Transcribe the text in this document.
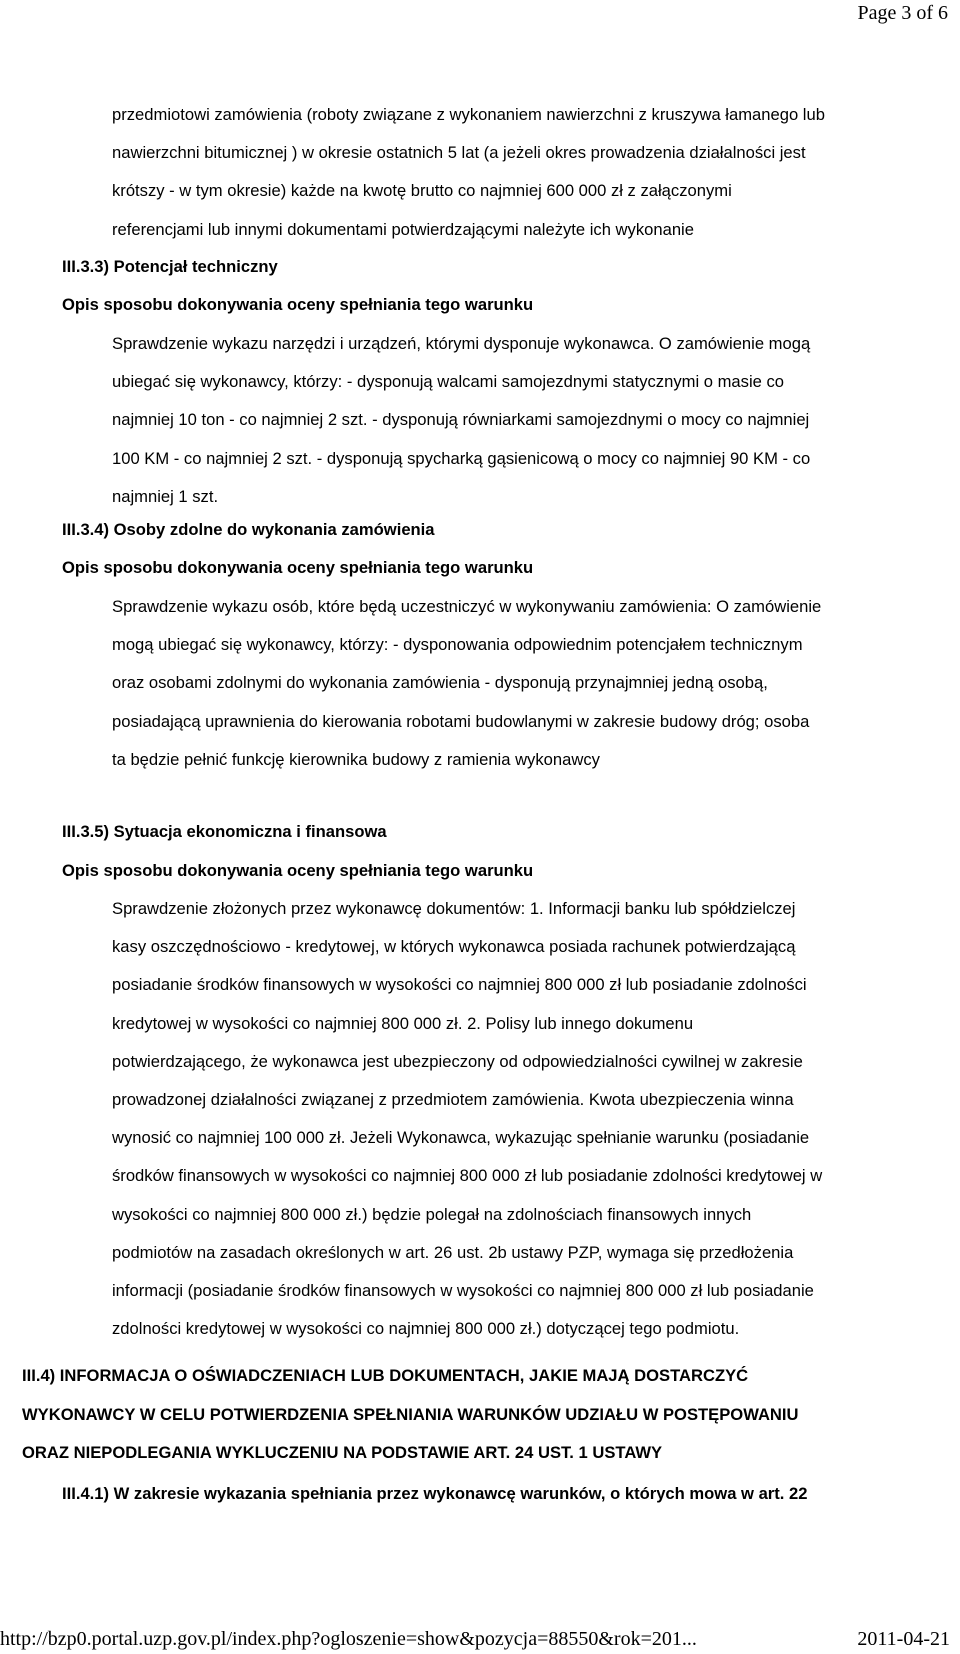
Page 3 of 6
przedmiotowi zamówienia (roboty związane z wykonaniem nawierzchni z kruszywa łamanego lub
nawierzchni bitumicznej ) w okresie ostatnich 5 lat (a jeżeli okres prowadzenia działalności jest
krótszy - w tym okresie) każde na kwotę brutto co najmniej 600 000 zł z załączonymi
referencjami lub innymi dokumentami potwierdzającymi należyte ich wykonanie
III.3.3) Potencjał techniczny
Opis sposobu dokonywania oceny spełniania tego warunku
Sprawdzenie wykazu narzędzi i urządzeń, którymi dysponuje wykonawca. O zamówienie mogą
ubiegać się wykonawcy, którzy: - dysponują walcami samojezdnymi statycznymi o masie co
najmniej 10 ton - co najmniej 2 szt. - dysponują równiarkami samojezdnymi o mocy co najmniej
100 KM - co najmniej 2 szt. - dysponują spycharką gąsienicową o mocy co najmniej 90 KM - co
najmniej 1 szt.
III.3.4) Osoby zdolne do wykonania zamówienia
Opis sposobu dokonywania oceny spełniania tego warunku
Sprawdzenie wykazu osób, które będą uczestniczyć w wykonywaniu zamówienia: O zamówienie
mogą ubiegać się wykonawcy, którzy: - dysponowania odpowiednim potencjałem technicznym
oraz osobami zdolnymi do wykonania zamówienia - dysponują przynajmniej jedną osobą,
posiadającą uprawnienia do kierowania robotami budowlanymi w zakresie budowy dróg; osoba
ta będzie pełnić funkcję kierownika budowy z ramienia wykonawcy
III.3.5) Sytuacja ekonomiczna i finansowa
Opis sposobu dokonywania oceny spełniania tego warunku
Sprawdzenie złożonych przez wykonawcę dokumentów: 1. Informacji banku lub spółdzielczej
kasy oszczędnościowo - kredytowej, w których wykonawca posiada rachunek potwierdzającą
posiadanie środków finansowych w wysokości co najmniej 800 000 zł lub posiadanie zdolności
kredytowej w wysokości co najmniej 800 000 zł. 2. Polisy lub innego dokumenu
potwierdzającego, że wykonawca jest ubezpieczony od odpowiedzialności cywilnej w zakresie
prowadzonej działalności związanej z przedmiotem zamówienia. Kwota ubezpieczenia winna
wynosić co najmniej 100 000 zł. Jeżeli Wykonawca, wykazując spełnianie warunku (posiadanie
środków finansowych w wysokości co najmniej 800 000 zł lub posiadanie zdolności kredytowej w
wysokości co najmniej 800 000 zł.) będzie polegał na zdolnościach finansowych innych
podmiotów na zasadach określonych w art. 26 ust. 2b ustawy PZP, wymaga się przedłożenia
informacji (posiadanie środków finansowych w wysokości co najmniej 800 000 zł lub posiadanie
zdolności kredytowej w wysokości co najmniej 800 000 zł.) dotyczącej tego podmiotu.
III.4) INFORMACJA O OŚWIADCZENIACH LUB DOKUMENTACH, JAKIE MAJĄ DOSTARCZYĆ
WYKONAWCY W CELU POTWIERDZENIA SPEŁNIANIA WARUNKÓW UDZIAŁU W POSTĘPOWANIU
ORAZ NIEPODLEGANIA WYKLUCZENIU NA PODSTAWIE ART. 24 UST. 1 USTAWY
III.4.1) W zakresie wykazania spełniania przez wykonawcę warunków, o których mowa w art. 22
http://bzp0.portal.uzp.gov.pl/index.php?ogloszenie=show&pozycja=88550&rok=201...	2011-04-21
